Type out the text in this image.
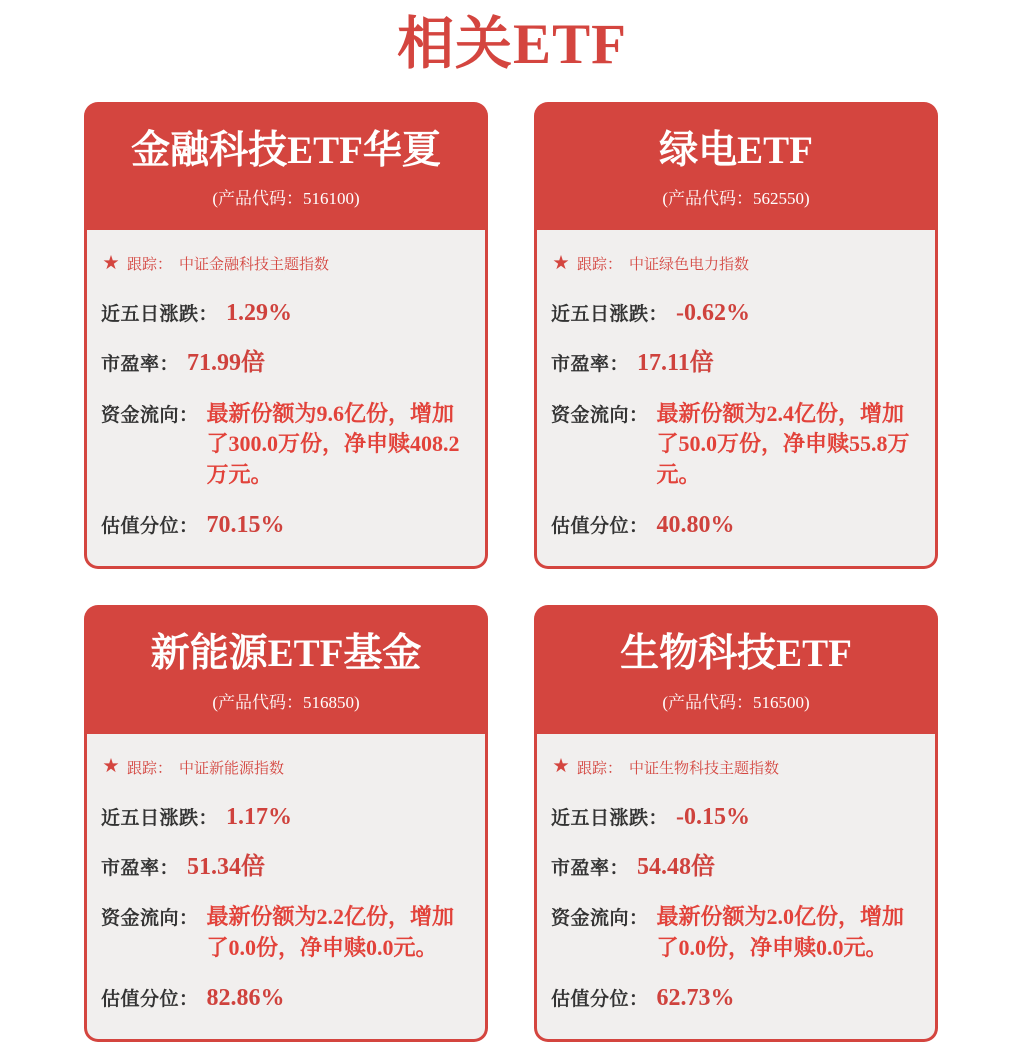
相关ETF
金融科技ETF华夏
(产品代码：516100)
★ 跟踪： 中证金融科技主题指数
近五日涨跌： 1.29%
市盈率： 71.99倍
资金流向： 最新份额为9.6亿份，增加了300.0万份，净申赎408.2万元。
估值分位： 70.15%
绿电ETF
(产品代码：562550)
★ 跟踪： 中证绿色电力指数
近五日涨跌： -0.62%
市盈率： 17.11倍
资金流向： 最新份额为2.4亿份，增加了50.0万份，净申赎55.8万元。
估值分位： 40.80%
新能源ETF基金
(产品代码：516850)
★ 跟踪： 中证新能源指数
近五日涨跌： 1.17%
市盈率： 51.34倍
资金流向： 最新份额为2.2亿份，增加了0.0份，净申赎0.0元。
估值分位： 82.86%
生物科技ETF
(产品代码：516500)
★ 跟踪： 中证生物科技主题指数
近五日涨跌： -0.15%
市盈率： 54.48倍
资金流向： 最新份额为2.0亿份，增加了0.0份，净申赎0.0元。
估值分位： 62.73%
